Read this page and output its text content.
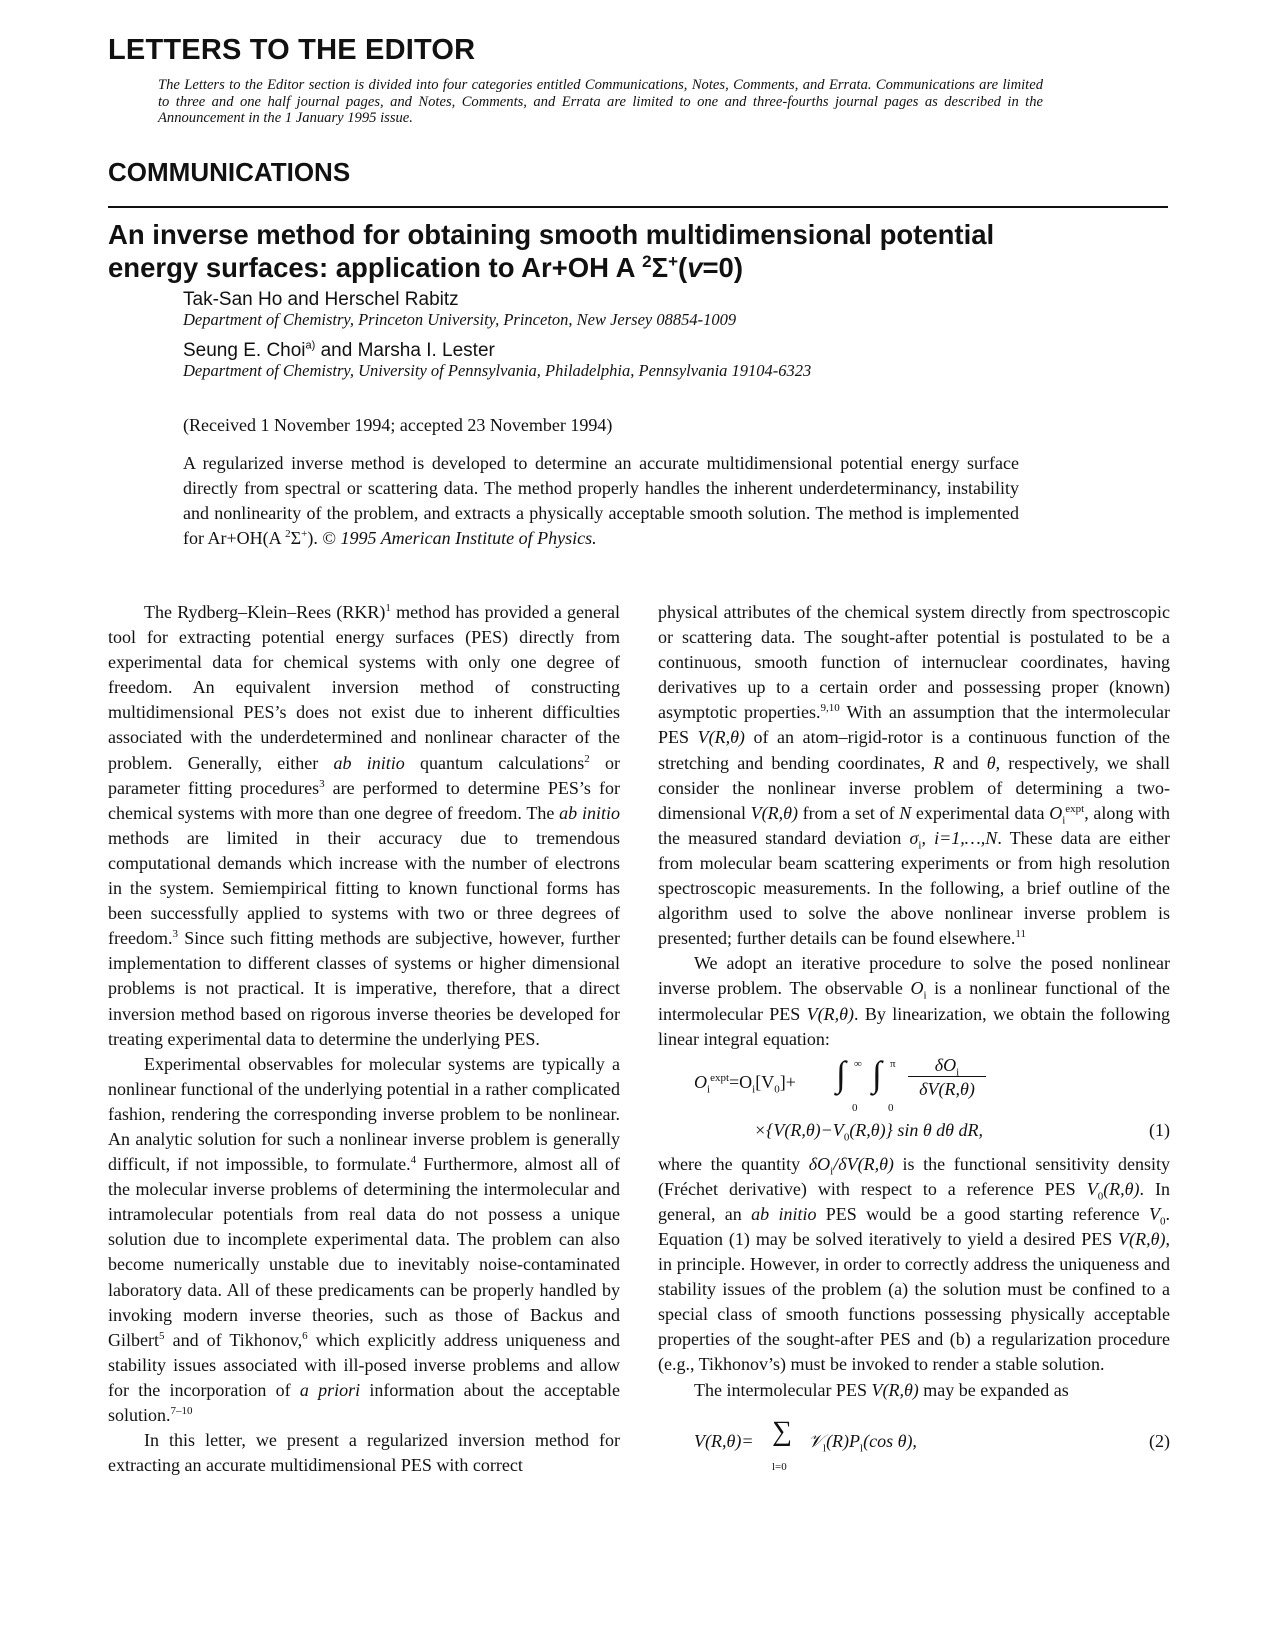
LETTERS TO THE EDITOR
The Letters to the Editor section is divided into four categories entitled Communications, Notes, Comments, and Errata. Communications are limited to three and one half journal pages, and Notes, Comments, and Errata are limited to one and three-fourths journal pages as described in the Announcement in the 1 January 1995 issue.
COMMUNICATIONS
An inverse method for obtaining smooth multidimensional potential
energy surfaces: application to Ar+OH A $^2$Σ+(v=0)
Tak-San Ho and Herschel Rabitz
Department of Chemistry, Princeton University, Princeton, New Jersey 08854-1009
Seung E. Choi$^{a)}$ and Marsha I. Lester
Department of Chemistry, University of Pennsylvania, Philadelphia, Pennsylvania 19104-6323
(Received 1 November 1994; accepted 23 November 1994)
A regularized inverse method is developed to determine an accurate multidimensional potential energy surface directly from spectral or scattering data. The method properly handles the inherent underdeterminancy, instability and nonlinearity of the problem, and extracts a physically acceptable smooth solution. The method is implemented for Ar+OH(A $^2$Σ+). © 1995 American Institute of Physics.

The Rydberg–Klein–Rees (RKR)$^1$ method has provided a general tool for extracting potential energy surfaces (PES) directly from experimental data for chemical systems with only one degree of freedom. An equivalent inversion method of constructing multidimensional PES’s does not exist due to inherent difficulties associated with the underdetermined and nonlinear character of the problem. Generally, either ab initio quantum calculations$^2$ or parameter fitting procedures$^3$ are performed to determine PES’s for chemical systems with more than one degree of freedom. The ab initio methods are limited in their accuracy due to tremendous computational demands which increase with the number of electrons in the system. Semiempirical fitting to known functional forms has been successfully applied to systems with two or three degrees of freedom.$^3$ Since such fitting methods are subjective, however, further implementation to different classes of systems or higher dimensional problems is not practical. It is imperative, therefore, that a direct inversion method based on rigorous inverse theories be developed for treating experimental data to determine the underlying PES.

Experimental observables for molecular systems are typically a nonlinear functional of the underlying potential in a rather complicated fashion, rendering the corresponding inverse problem to be nonlinear. An analytic solution for such a nonlinear inverse problem is generally difficult, if not impossible, to formulate.$^4$ Furthermore, almost all of the molecular inverse problems of determining the intermolecular and intramolecular potentials from real data do not possess a unique solution due to incomplete experimental data. The problem can also become numerically unstable due to inevitably noise-contaminated laboratory data. All of these predicaments can be properly handled by invoking modern inverse theories, such as those of Backus and Gilbert$^5$ and of Tikhonov,$^6$ which explicitly address uniqueness and stability issues associated with ill-posed inverse problems and allow for the incorporation of a priori information about the acceptable solution.$^{7-10}$

In this letter, we present a regularized inversion method for extracting an accurate multidimensional PES with correct

physical attributes of the chemical system directly from spectroscopic or scattering data. The sought-after potential is postulated to be a continuous, smooth function of internuclear coordinates, having derivatives up to a certain order and possessing proper (known) asymptotic properties.$^{9,10}$ With an assumption that the intermolecular PES V(R,θ) of an atom–rigid-rotor is a continuous function of the stretching and bending coordinates, R and θ, respectively, we shall consider the nonlinear inverse problem of determining a two-dimensional V(R,θ) from a set of N experimental data $O_i^{expt}$, along with the measured standard deviation $\sigma_i$, i=1,…,N. These data are either from molecular beam scattering experiments or from high resolution spectroscopic measurements. In the following, a brief outline of the algorithm used to solve the above nonlinear inverse problem is presented; further details can be found elsewhere.$^{11}$

We adopt an iterative procedure to solve the posed nonlinear inverse problem. The observable $O_i$ is a nonlinear functional of the intermolecular PES V(R,θ). By linearization, we obtain the following linear integral equation:

$O_i^{expt}=O_i[V_0]+$ ∫ ∞
0
∫ π
0
$\delta O_i$
δV(R,θ)
$\times\{V(R,\theta)-V_0(R,\theta)\}$ sin θ dθ dR,	(1)

where the quantity $\delta O_i/\delta V(R,\theta)$ is the functional sensitivity density (Fréchet derivative) with respect to a reference PES $V_0(R,\theta)$. In general, an ab initio PES would be a good starting reference $V_0$. Equation (1) may be solved iteratively to yield a desired PES V(R,θ), in principle. However, in order to correctly address the uniqueness and stability issues of the problem (a) the solution must be confined to a special class of smooth functions possessing physically acceptable properties of the sought-after PES and (b) a regularization procedure (e.g., Tikhonov’s) must be invoked to render a stable solution.

The intermolecular PES V(R,θ) may be expanded as

V(R,θ)= ∑
l=0
$𝒱_l(R)P_l(\cos$ θ),	(2)
